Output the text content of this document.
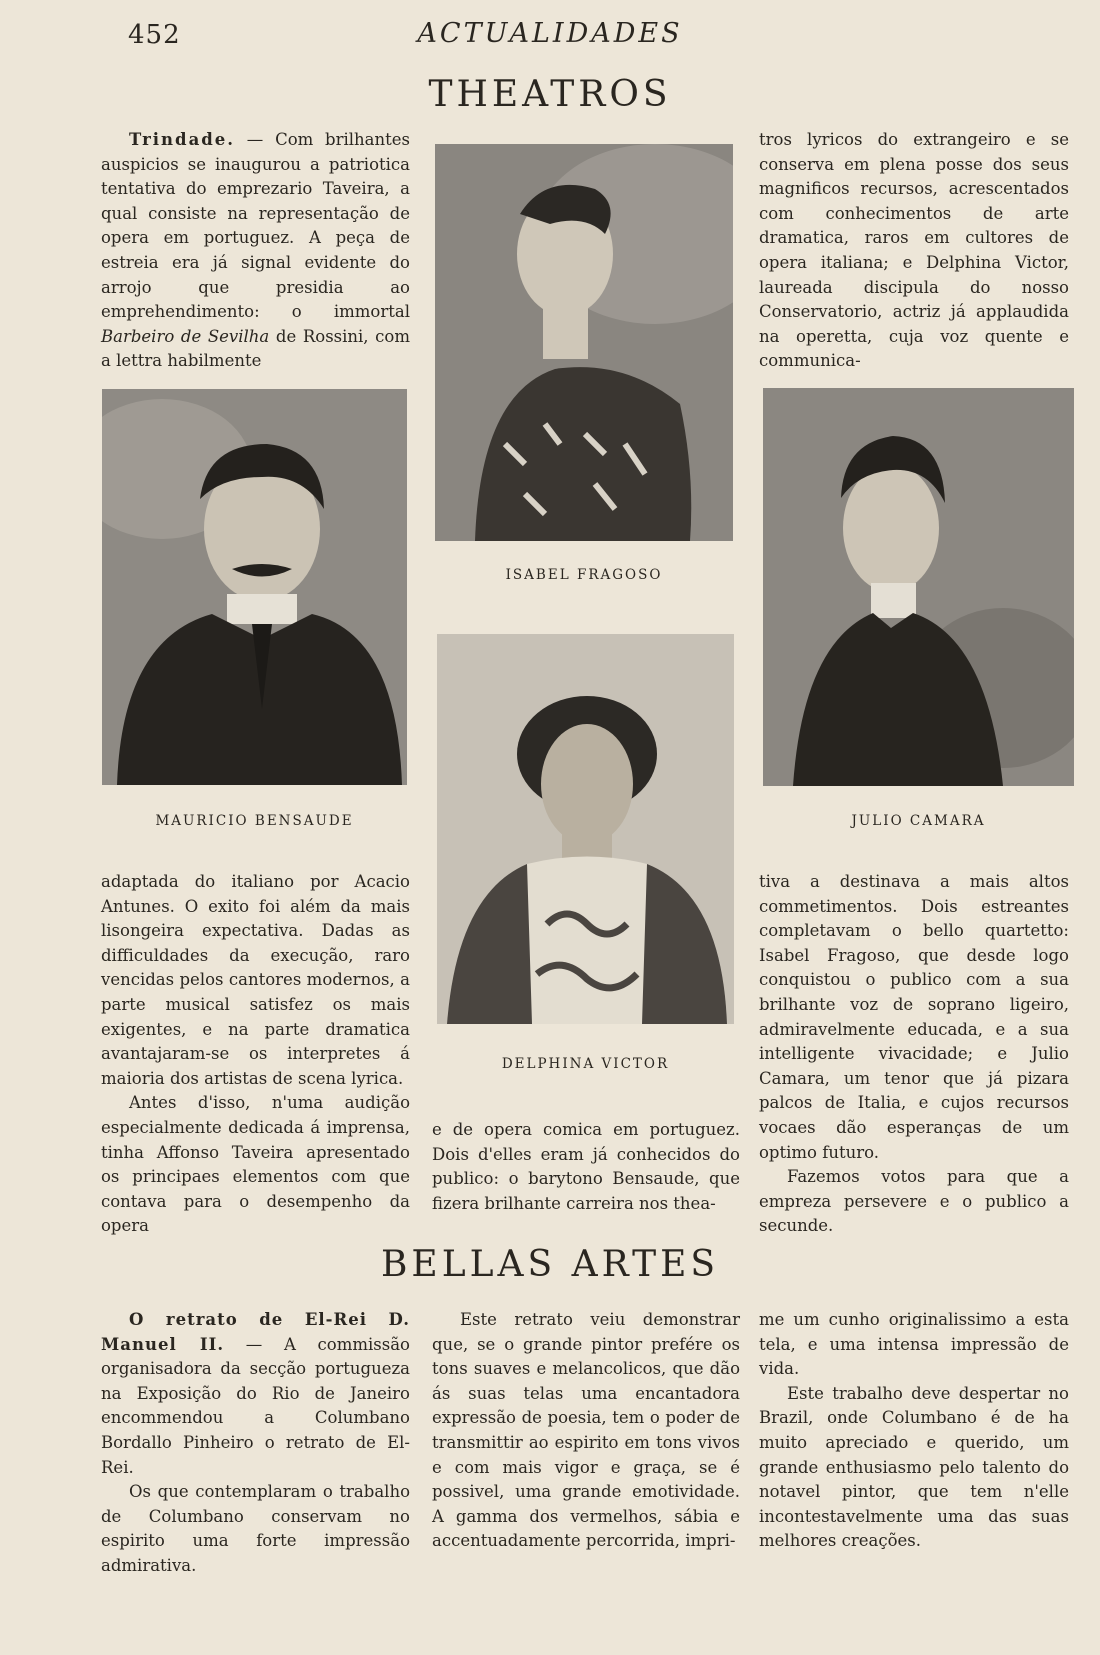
452	ACTUALIDADES
THEATROS

Trindade. — Com brilhantes auspicios se inaugurou a patriotica tentativa do emprezario Taveira, a qual consiste na representação de opera em portuguez. A peça de estreia era já signal evidente do arrojo que presidia ao emprehendimento: o immortal Barbeiro de Sevilha de Rossini, com a lettra habilmente

tros lyricos do extrangeiro e se conserva em plena posse dos seus magnificos recursos, acrescentados com conhecimentos de arte dramatica, raros em cultores de opera italiana; e Delphina Victor, laureada discipula do nosso Conservatorio, actriz já applaudida na operetta, cuja voz quente e communica-

ISABEL FRAGOSO
MAURICIO BENSAUDE	JULIO CAMARA
DELPHINA VICTOR

adaptada do italiano por Acacio Antunes. O exito foi além da mais lisongeira expectativa. Dadas as difficuldades da execução, raro vencidas pelos cantores modernos, a parte musical satisfez os mais exigentes, e na parte dramatica avantajaram-se os interpretes á maioria dos artistas de scena lyrica.

Antes d'isso, n'uma audição especialmente dedicada á imprensa, tinha Affonso Taveira apresentado os principaes elementos com que contava para o desempenho da opera

e de opera comica em portuguez. Dois d'elles eram já conhecidos do publico: o barytono Bensaude, que fizera brilhante carreira nos thea-

tiva a destinava a mais altos commetimentos. Dois estreantes completavam o bello quartetto: Isabel Fragoso, que desde logo conquistou o publico com a sua brilhante voz de soprano ligeiro, admiravelmente educada, e a sua intelligente vivacidade; e Julio Camara, um tenor que já pizara palcos de Italia, e cujos recursos vocaes dão esperanças de um optimo futuro.

Fazemos votos para que a empreza persevere e o publico a secunde.

BELLAS ARTES

O retrato de El-Rei D. Manuel II. — A commissão organisadora da secção portugueza na Exposição do Rio de Janeiro encommendou a Columbano Bordallo Pinheiro o retrato de El-Rei.

Os que contemplaram o trabalho de Columbano conservam no espirito uma forte impressão admirativa.

Este retrato veiu demonstrar que, se o grande pintor prefére os tons suaves e melancolicos, que dão ás suas telas uma encantadora expressão de poesia, tem o poder de transmittir ao espirito em tons vivos e com mais vigor e graça, se é possivel, uma grande emotividade. A gamma dos vermelhos, sábia e accentuadamente percorrida, impri-

me um cunho originalissimo a esta tela, e uma intensa impressão de vida.

Este trabalho deve despertar no Brazil, onde Columbano é de ha muito apreciado e querido, um grande enthusiasmo pelo talento do notavel pintor, que tem n'elle incontestavelmente uma das suas melhores creações.
